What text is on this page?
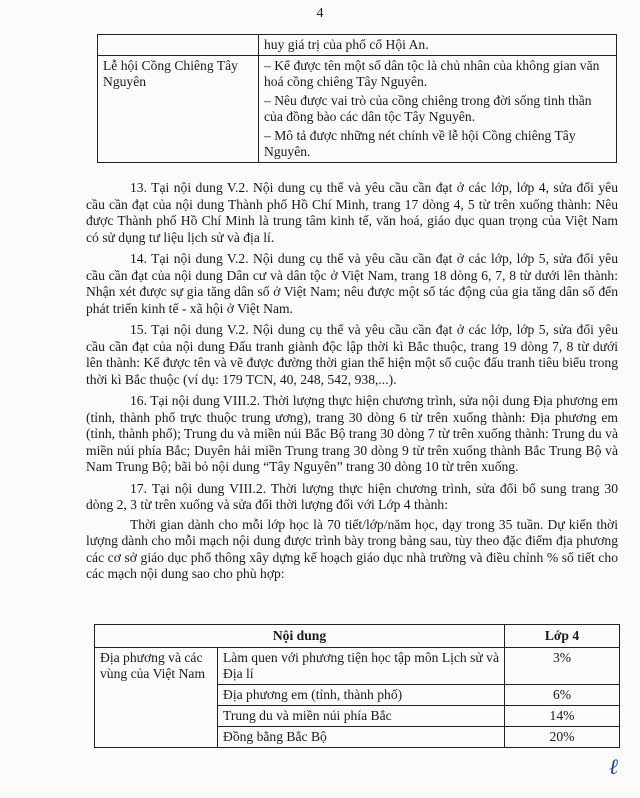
4
	huy giá trị của phố cổ Hội An.
Lễ hội Cồng Chiêng Tây Nguyên	– Kể được tên một số dân tộc là chủ nhân của không gian văn hoá cồng chiêng Tây Nguyên.
– Nêu được vai trò của cồng chiêng trong đời sống tinh thần của đồng bào các dân tộc Tây Nguyên.
– Mô tả được những nét chính về lễ hội Cồng chiêng Tây Nguyên.

13. Tại nội dung V.2. Nội dung cụ thể và yêu cầu cần đạt ở các lớp, lớp 4, sửa đổi yêu cầu cần đạt của nội dung Thành phố Hồ Chí Minh, trang 17 dòng 4, 5 từ trên xuống thành: Nêu được Thành phố Hồ Chí Minh là trung tâm kinh tế, văn hoá, giáo dục quan trọng của Việt Nam có sử dụng tư liệu lịch sử và địa lí.

14. Tại nội dung V.2. Nội dung cụ thể và yêu cầu cần đạt ở các lớp, lớp 5, sửa đổi yêu cầu cần đạt của nội dung Dân cư và dân tộc ở Việt Nam, trang 18 dòng 6, 7, 8 từ dưới lên thành: Nhận xét được sự gia tăng dân số ở Việt Nam; nêu được một số tác động của gia tăng dân số đến phát triển kinh tế - xã hội ở Việt Nam.

15. Tại nội dung V.2. Nội dung cụ thể và yêu cầu cần đạt ở các lớp, lớp 5, sửa đổi yêu cầu cần đạt của nội dung Đấu tranh giành độc lập thời kì Bắc thuộc, trang 19 dòng 7, 8 từ dưới lên thành: Kể được tên và vẽ được đường thời gian thể hiện một số cuộc đấu tranh tiêu biểu trong thời kì Bắc thuộc (ví dụ: 179 TCN, 40, 248, 542, 938,...).

16. Tại nội dung VIII.2. Thời lượng thực hiện chương trình, sửa nội dung Địa phương em (tỉnh, thành phố trực thuộc trung ương), trang 30 dòng 6 từ trên xuống thành: Địa phương em (tỉnh, thành phố); Trung du và miền núi Bắc Bộ trang 30 dòng 7 từ trên xuống thành: Trung du và miền núi phía Bắc; Duyên hải miền Trung trang 30 dòng 9 từ trên xuống thành Bắc Trung Bộ và Nam Trung Bộ; bãi bỏ nội dung “Tây Nguyên” trang 30 dòng 10 từ trên xuống.

17. Tại nội dung VIII.2. Thời lượng thực hiện chương trình, sửa đổi bổ sung trang 30 dòng 2, 3 từ trên xuống và sửa đổi thời lượng đối với Lớp 4 thành:

Thời gian dành cho mỗi lớp học là 70 tiết/lớp/năm học, dạy trong 35 tuần. Dự kiến thời lượng dành cho mỗi mạch nội dung được trình bày trong bảng sau, tùy theo đặc điểm địa phương các cơ sở giáo dục phổ thông xây dựng kế hoạch giáo dục nhà trường và điều chỉnh % số tiết cho các mạch nội dung sao cho phù hợp:

Nội dung		Lớp 4
Địa phương và các vùng của Việt Nam	Làm quen với phương tiện học tập môn Lịch sử và Địa lí	3%
	Địa phương em (tỉnh, thành phố)	6%
	Trung du và miền núi phía Bắc	14%
	Đồng bằng Bắc Bộ	20%
ℓ
